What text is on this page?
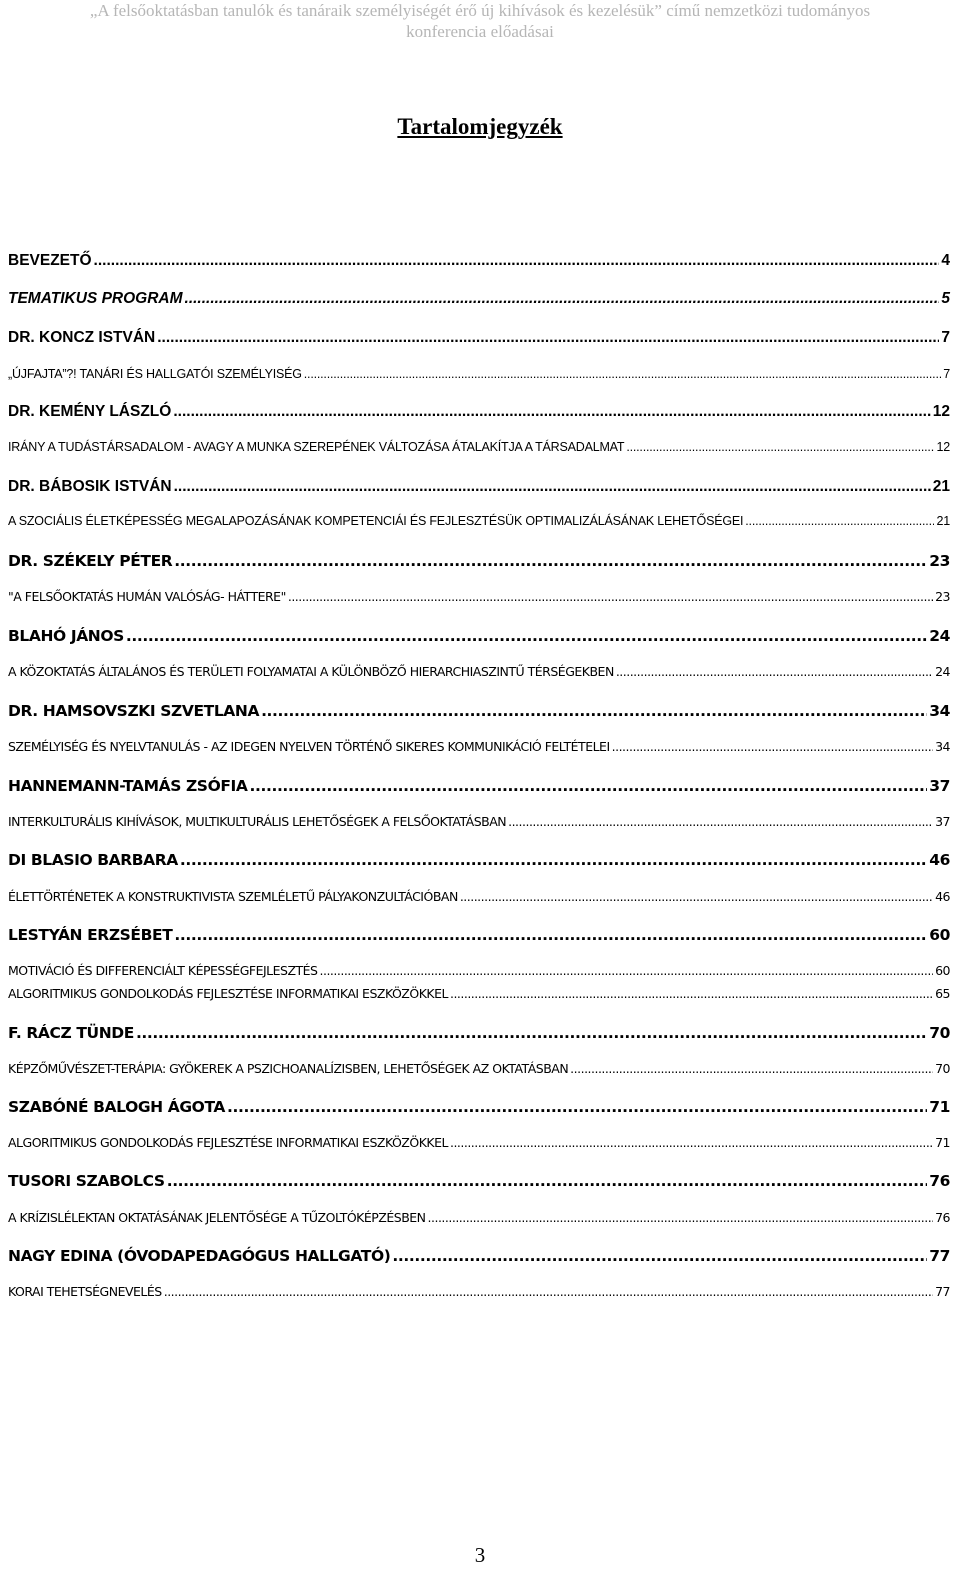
„A felsőoktatásban tanulók és tanáraik személyiségét érő új kihívások és kezelésük” című nemzetközi tudományos
konferencia előadásai
Tartalomjegyzék
BEVEZETŐ .....	4
TEMATIKUS PROGRAM .....	5
DR. KONCZ ISTVÁN .....	7
„ÚJFAJTA”?! TANÁRI ÉS HALLGATÓI SZEMÉLYISÉG .....	7
DR. KEMÉNY LÁSZLÓ .....	12
IRÁNY A TUDÁSTÁRSADALOM - AVAGY A MUNKA SZEREPÉNEK VÁLTOZÁSA ÁTALAKÍTJA A TÁRSADALMAT .....	12
DR. BÁBOSIK ISTVÁN .....	21
A SZOCIÁLIS ÉLETKÉPESSÉG MEGALAPOZÁSÁNAK KOMPETENCIÁI ÉS FEJLESZTÉSÜK OPTIMALIZÁLÁSÁNAK LEHETŐSÉGEI .....	21
DR. SZÉKELY PÉTER .....	23
"A FELSŐOKTATÁS HUMÁN VALÓSÁG- HÁTTERE" .....	23
BLAHÓ JÁNOS .....	24
A KÖZOKTATÁS ÁLTALÁNOS ÉS TERÜLETI FOLYAMATAI A KÜLÖNBÖZŐ HIERARCHIASZINTŰ TÉRSÉGEKBEN .....	24
DR. HAMSOVSZKI SZVETLANA .....	34
SZEMÉLYISÉG ÉS NYELVTANULÁS - AZ IDEGEN NYELVEN TÖRTÉNŐ SIKERES KOMMUNIKÁCIÓ FELTÉTELEI .....	34
HANNEMANN-TAMÁS ZSÓFIA .....	37
INTERKULTURÁLIS KIHÍVÁSOK, MULTIKULTURÁLIS LEHETŐSÉGEK A FELSŐOKTATÁSBAN .....	37
DI BLASIO BARBARA .....	46
ÉLETTÖRTÉNETEK A KONSTRUKTIVISTA SZEMLÉLETŰ PÁLYAKONZULTÁCIÓBAN .....	46
LESTYÁN ERZSÉBET .....	60
MOTIVÁCIÓ ÉS DIFFERENCIÁLT KÉPESSÉGFEJLESZTÉS .....	60
ALGORITMIKUS GONDOLKODÁS FEJLESZTÉSE INFORMATIKAI ESZKÖZÖKKEL .....	65
F. RÁCZ TÜNDE .....	70
KÉPZŐMŰVÉSZET-TERÁPIA: GYÖKEREK A PSZICHOANALÍZISBEN, LEHETŐSÉGEK AZ OKTATÁSBAN .....	70
SZABÓNÉ BALOGH ÁGOTA .....	71
ALGORITMIKUS GONDOLKODÁS FEJLESZTÉSE INFORMATIKAI ESZKÖZÖKKEL .....	71
TUSORI SZABOLCS .....	76
A KRÍZISLÉLEKTAN OKTATÁSÁNAK JELENTŐSÉGE A TŰZOLTÓKÉPZÉSBEN .....	76
NAGY EDINA (ÓVODAPEDAGÓGUS HALLGATÓ) .....	77
KORAI TEHETSÉGNEVELÉS .....	77
3
